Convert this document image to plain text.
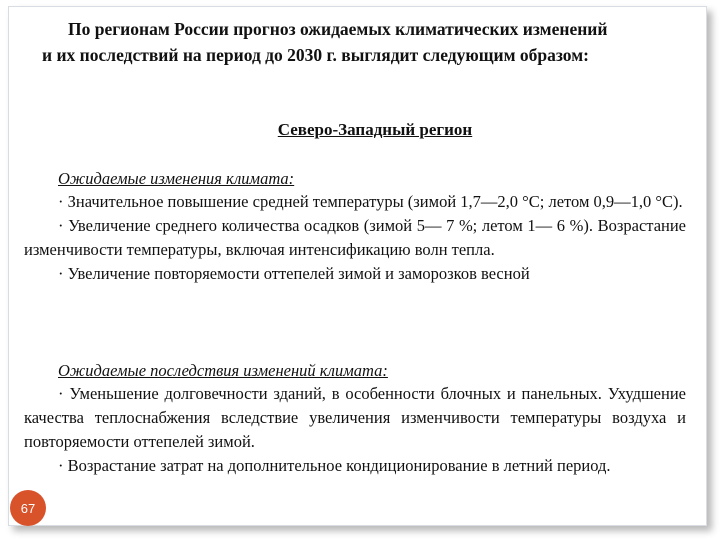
По регионам России прогноз ожидаемых климатических изменений
и их последствий на период до 2030 г. выглядит следующим образом:
Северо-Западный регион
Ожидаемые изменения климата:

· Значительное повышение средней температуры (зимой 1,7—2,0 °С; летом 0,9—1,0 °С).

· Увеличение среднего количества осадков (зимой 5— 7 %; летом 1— 6 %). Возрастание изменчивости температуры, включая интенсификацию волн тепла.

· Увеличение повторяемости оттепелей зимой и заморозков весной

Ожидаемые последствия изменений климата:

· Уменьшение долговечности зданий, в особенности блочных и панельных. Ухудшение качества теплоснабжения вследствие увеличения изменчивости температуры воздуха и повторяемости оттепелей зимой.

· Возрастание затрат на дополнительное кондиционирование в летний период.

67
